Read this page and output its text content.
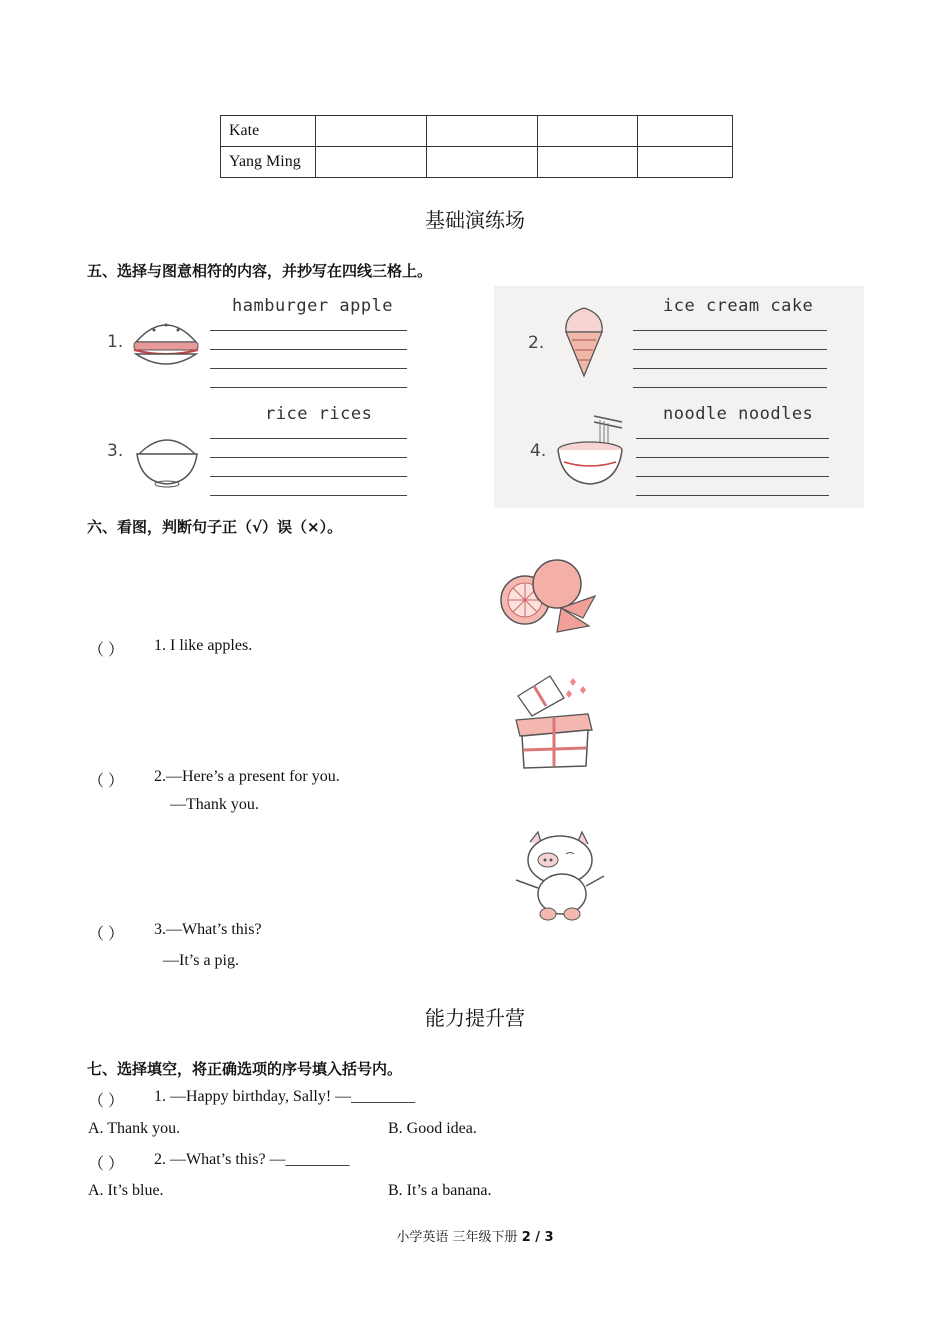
Kate				
Yang Ming				
基础演练场
五、选择与图意相符的内容，并抄写在四线三格上。
1.
hamburger apple
2.
ice cream cake
3.
rice rices
4.
noodle noodles
六、看图，判断句子正（√）误（×）。
（ ） 1. I like apples.
（ ） 2.—Here’s a present for you.
—Thank you.
（ ） 3.—What’s this?
—It’s a pig.
能力提升营
七、选择填空，将正确选项的序号填入括号内。
（ ） 1. —Happy birthday, Sally! —________
A. Thank you.	B. Good idea.
（ ） 2. —What’s this? —________
A. It’s blue.	B. It’s a banana.
小学英语 三年级下册 2 / 3
